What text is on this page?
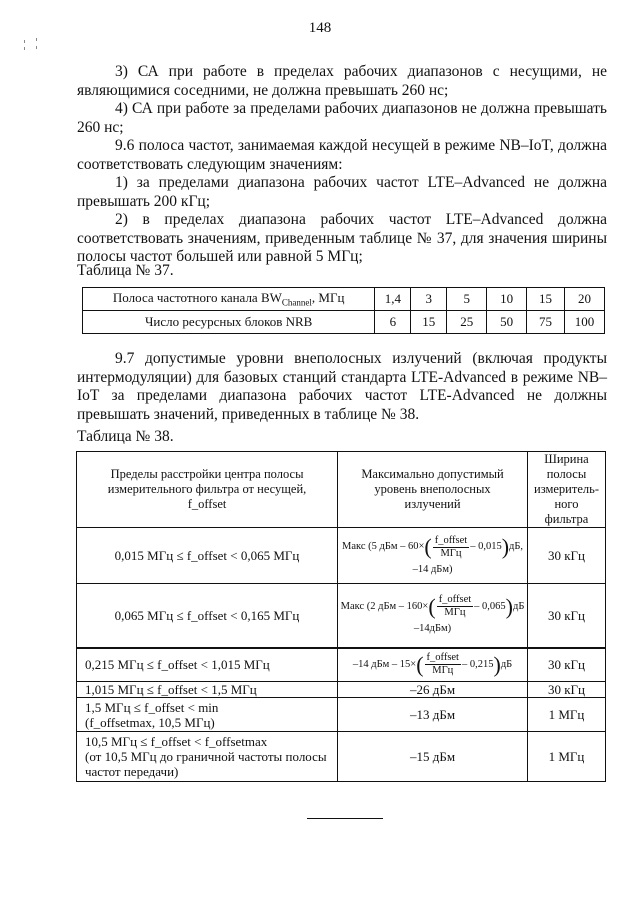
148

3) СА при работе в пределах рабочих диапазонов с несущими, не являющимися соседними, не должна превышать 260 нс;

4) СА при работе за пределами рабочих диапазонов не должна превышать 260 нс;

9.6 полоса частот, занимаемая каждой несущей в режиме NB–IoT, должна соответствовать следующим значениям:

1) за пределами диапазона рабочих частот LTE–Advanced не должна превышать 200 кГц;

2) в пределах диапазона рабочих частот LTE–Advanced должна соответствовать значениям, приведенным таблице № 37, для значения ширины полосы частот большей или равной 5 МГц;

Таблица № 37.
Полоса частотного канала $BW_{Channel}$, МГц	1,4	3	5	10	15	20
Число ресурсных блоков NRB	6	15	25	50	75	100

9.7 допустимые уровни внеполосных излучений (включая продукты интермодуляции) для базовых станций стандарта LTE-Advanced в режиме NB–IoT за пределами диапазона рабочих частот LTE-Advanced не должны превышать значений, приведенных в таблице № 38.

Таблица № 38.
Пределы расстройки центра полосы измерительного фильтра от несущей, f_offset	Максимально допустимый уровень внеполосных излучений	Ширина полосы измеритель-ного фильтра
0,015 МГц ≤ f_offset < 0,065 МГц	Макс (5 дБм – $60\times( \frac{\text{f\_offset}}{\text{МГц}} - 0,015)дБ$,
–14 дБм)	30 кГц
0,065 МГц ≤ f_offset < 0,165 МГц	Макс (2 дБм – $160\times( \frac{\text{f\_offset}}{\text{МГц}} - 0,065)дБ$
–14дБм)	30 кГц
0,215 МГц ≤ f_offset < 1,015 МГц	–14 дБм – $15\times( \frac{\text{f\_offset}}{\text{МГц}} - 0,215)дБ$	30 кГц
1,015 МГц ≤ f_offset < 1,5 МГц	–26 дБм	30 кГц
1,5 МГц ≤ f_offset < min
(f_offsetmax, 10,5 МГц)	–13 дБм	1 МГц
10,5 МГц ≤ f_offset < f_offsetmax
(от 10,5 МГц до граничной частоты полосы
частот передачи)	–15 дБм	1 МГц
